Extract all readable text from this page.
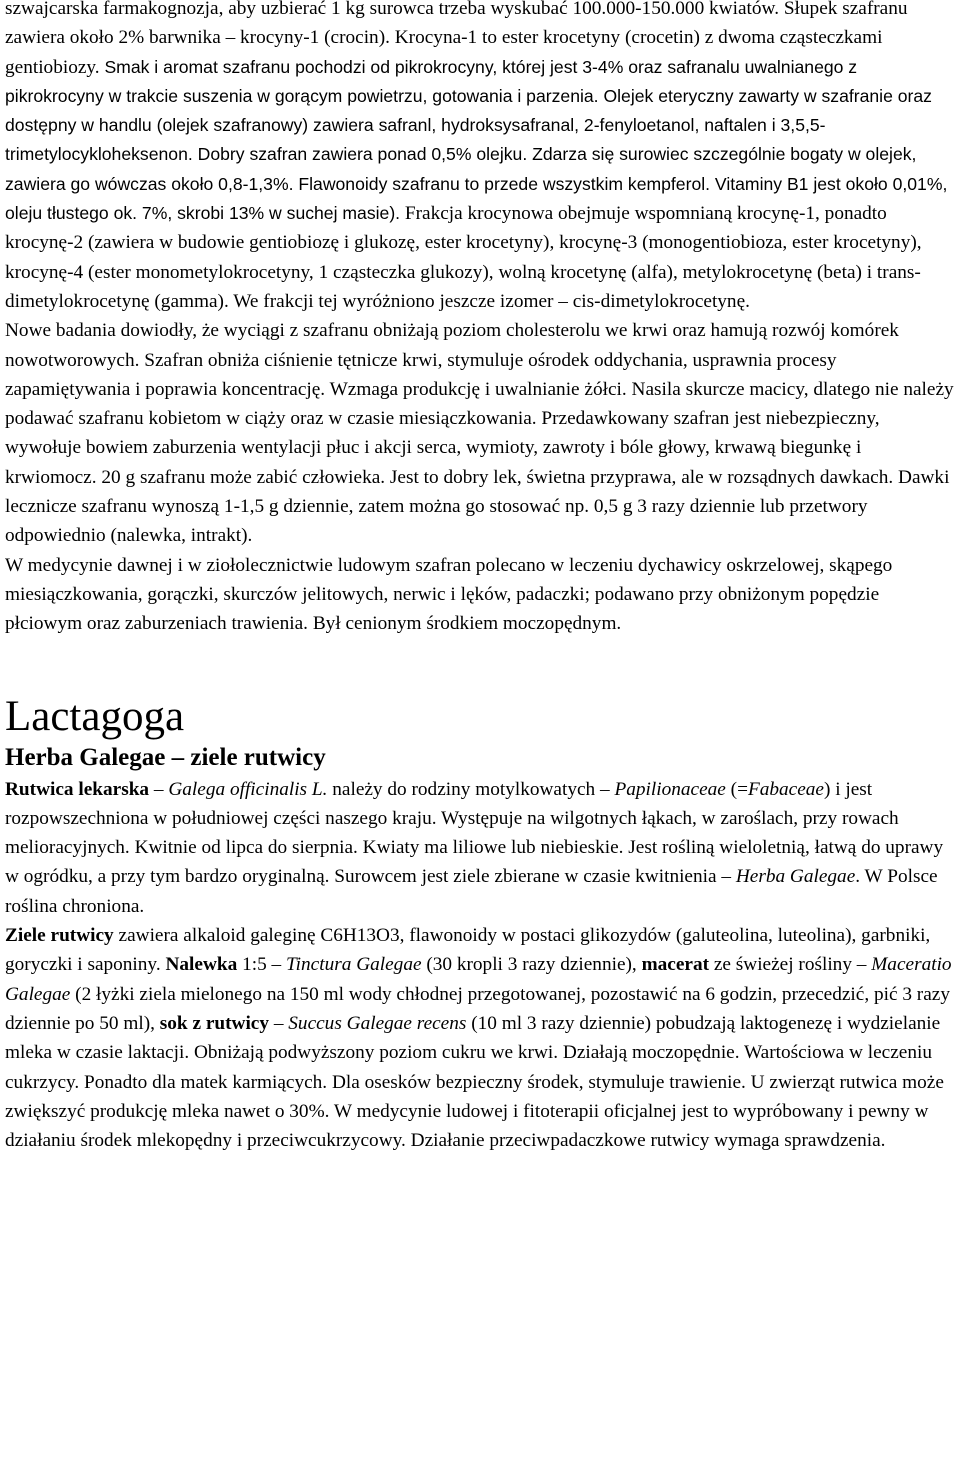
szwajcarska farmakognozja, aby uzbierać 1 kg surowca trzeba wyskubać 100.000-150.000 kwiatów. Słupek szafranu zawiera około 2% barwnika – krocyny-1 (crocin). Krocyna-1 to ester krocetyny (crocetin) z dwoma cząsteczkami gentiobiozy. Smak i aromat szafranu pochodzi od pikrokrocyny, której jest 3-4% oraz safranalu uwalnianego z pikrokrocyny w trakcie suszenia w gorącym powietrzu, gotowania i parzenia. Olejek eteryczny zawarty w szafranie oraz dostępny w handlu (olejek szafranowy) zawiera safranl, hydroksysafranal, 2-fenyloetanol, naftalen i 3,5,5-trimetylocykloheksenon. Dobry szafran zawiera ponad 0,5% olejku. Zdarza się surowiec szczególnie bogaty w olejek, zawiera go wówczas około 0,8-1,3%. Flawonoidy szafranu to przede wszystkim kempferol. Vitaminy B1 jest około 0,01%, oleju tłustego ok. 7%, skrobi 13% w suchej masie). Frakcja krocynowa obejmuje wspomnianą krocynę-1, ponadto krocynę-2 (zawiera w budowie gentiobiozę i glukozę, ester krocetyny), krocynę-3 (monogentiobioza, ester krocetyny), krocynę-4 (ester monometylokrocetyny, 1 cząsteczka glukozy), wolną krocetynę (alfa), metylokrocetynę (beta) i trans-dimetylokrocetynę (gamma). We frakcji tej wyróżniono jeszcze izomer – cis-dimetylokrocetynę.

Nowe badania dowiodły, że wyciągi z szafranu obniżają poziom cholesterolu we krwi oraz hamują rozwój komórek nowotworowych. Szafran obniża ciśnienie tętnicze krwi, stymuluje ośrodek oddychania, usprawnia procesy zapamiętywania i poprawia koncentrację. Wzmaga produkcję i uwalnianie żółci. Nasila skurcze macicy, dlatego nie należy podawać szafranu kobietom w ciąży oraz w czasie miesiączkowania. Przedawkowany szafran jest niebezpieczny, wywołuje bowiem zaburzenia wentylacji płuc i akcji serca, wymioty, zawroty i bóle głowy, krwawą biegunkę i krwiomocz. 20 g szafranu może zabić człowieka. Jest to dobry lek, świetna przyprawa, ale w rozsądnych dawkach. Dawki lecznicze szafranu wynoszą 1-1,5 g dziennie, zatem można go stosować np. 0,5 g 3 razy dziennie lub przetwory odpowiednio (nalewka, intrakt).

W medycynie dawnej i w ziołolecznictwie ludowym szafran polecano w leczeniu dychawicy oskrzelowej, skąpego miesiączkowania, gorączki, skurczów jelitowych, nerwic i lęków, padaczki; podawano przy obniżonym popędzie płciowym oraz zaburzeniach trawienia. Był cenionym środkiem moczopędnym.

Lactagoga
Herba Galegae – ziele rutwicy

Rutwica lekarska – Galega officinalis L. należy do rodziny motylkowatych – Papilionaceae (=Fabaceae) i jest rozpowszechniona w południowej części naszego kraju. Występuje na wilgotnych łąkach, w zaroślach, przy rowach melioracyjnych. Kwitnie od lipca do sierpnia. Kwiaty ma liliowe lub niebieskie. Jest rośliną wieloletnią, łatwą do uprawy w ogródku, a przy tym bardzo oryginalną. Surowcem jest ziele zbierane w czasie kwitnienia – Herba Galegae. W Polsce roślina chroniona.

Ziele rutwicy zawiera alkaloid galeginę C6H13O3, flawonoidy w postaci glikozydów (galuteolina, luteolina), garbniki, goryczki i saponiny. Nalewka 1:5 – Tinctura Galegae (30 kropli 3 razy dziennie), macerat ze świeżej rośliny – Maceratio Galegae (2 łyżki ziela mielonego na 150 ml wody chłodnej przegotowanej, pozostawić na 6 godzin, przecedzić, pić 3 razy dziennie po 50 ml), sok z rutwicy – Succus Galegae recens (10 ml 3 razy dziennie) pobudzają laktogenezę i wydzielanie mleka w czasie laktacji. Obniżają podwyższony poziom cukru we krwi. Działają moczopędnie. Wartościowa w leczeniu cukrzycy. Ponadto dla matek karmiących. Dla osesków bezpieczny środek, stymuluje trawienie. U zwierząt rutwica może zwiększyć produkcję mleka nawet o 30%. W medycynie ludowej i fitoterapii oficjalnej jest to wypróbowany i pewny w działaniu środek mlekopędny i przeciwcukrzycowy. Działanie przeciwpadaczkowe rutwicy wymaga sprawdzenia.
